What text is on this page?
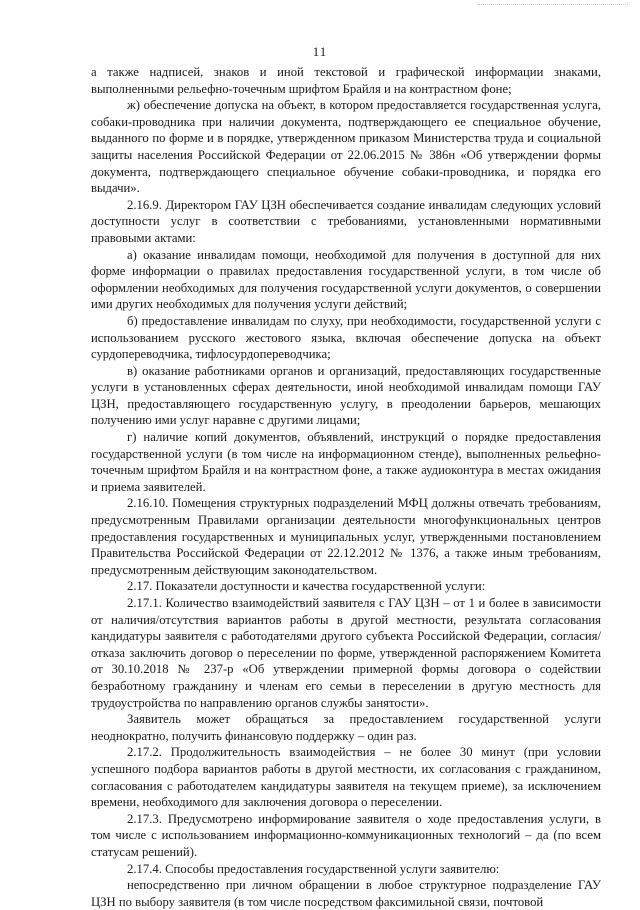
11

а также надписей, знаков и иной текстовой и графической информации знаками, выполненными рельефно-точечным шрифтом Брайля и на контрастном фоне;

ж) обеспечение допуска на объект, в котором предоставляется государственная услуга, собаки-проводника при наличии документа, подтверждающего ее специальное обучение, выданного по форме и в порядке, утвержденном приказом Министерства труда и социальной защиты населения Российской Федерации от 22.06.2015 № 386н «Об утверждении формы документа, подтверждающего специальное обучение собаки-проводника, и порядка его выдачи».

2.16.9. Директором ГАУ ЦЗН обеспечивается создание инвалидам следующих условий доступности услуг в соответствии с требованиями, установленными нормативными правовыми актами:

а) оказание инвалидам помощи, необходимой для получения в доступной для них форме информации о правилах предоставления государственной услуги, в том числе об оформлении необходимых для получения государственной услуги документов, о совершении ими других необходимых для получения услуги действий;

б) предоставление инвалидам по слуху, при необходимости, государственной услуги с использованием русского жестового языка, включая обеспечение допуска на объект сурдопереводчика, тифлосурдопереводчика;

в) оказание работниками органов и организаций, предоставляющих государственные услуги в установленных сферах деятельности, иной необходимой инвалидам помощи ГАУ ЦЗН, предоставляющего государственную услугу, в преодолении барьеров, мешающих получению ими услуг наравне с другими лицами;

г) наличие копий документов, объявлений, инструкций о порядке предоставления государственной услуги (в том числе на информационном стенде), выполненных рельефно-точечным шрифтом Брайля и на контрастном фоне, а также аудиоконтура в местах ожидания и приема заявителей.

2.16.10. Помещения структурных подразделений МФЦ должны отвечать требованиям, предусмотренным Правилами организации деятельности многофункциональных центров предоставления государственных и муниципальных услуг, утвержденными постановлением Правительства Российской Федерации от 22.12.2012 № 1376, а также иным требованиям, предусмотренным действующим законодательством.

2.17. Показатели доступности и качества государственной услуги:

2.17.1. Количество взаимодействий заявителя с ГАУ ЦЗН – от 1 и более в зависимости от наличия/отсутствия вариантов работы в другой местности, результата согласования кандидатуры заявителя с работодателями другого субъекта Российской Федерации, согласия/отказа заключить договор о переселении по форме, утвержденной распоряжением Комитета от 30.10.2018 № 237-р «Об утверждении примерной формы договора о содействии безработному гражданину и членам его семьи в переселении в другую местность для трудоустройства по направлению органов службы занятости».

Заявитель может обращаться за предоставлением государственной услуги неоднократно, получить финансовую поддержку – один раз.

2.17.2. Продолжительность взаимодействия – не более 30 минут (при условии успешного подбора вариантов работы в другой местности, их согласования с гражданином, согласования с работодателем кандидатуры заявителя на текущем приеме), за исключением времени, необходимого для заключения договора о переселении.

2.17.3. Предусмотрено информирование заявителя о ходе предоставления услуги, в том числе с использованием информационно-коммуникационных технологий – да (по всем статусам решений).

2.17.4. Способы предоставления государственной услуги заявителю:

непосредственно при личном обращении в любое структурное подразделение ГАУ ЦЗН по выбору заявителя (в том числе посредством факсимильной связи, почтовой
